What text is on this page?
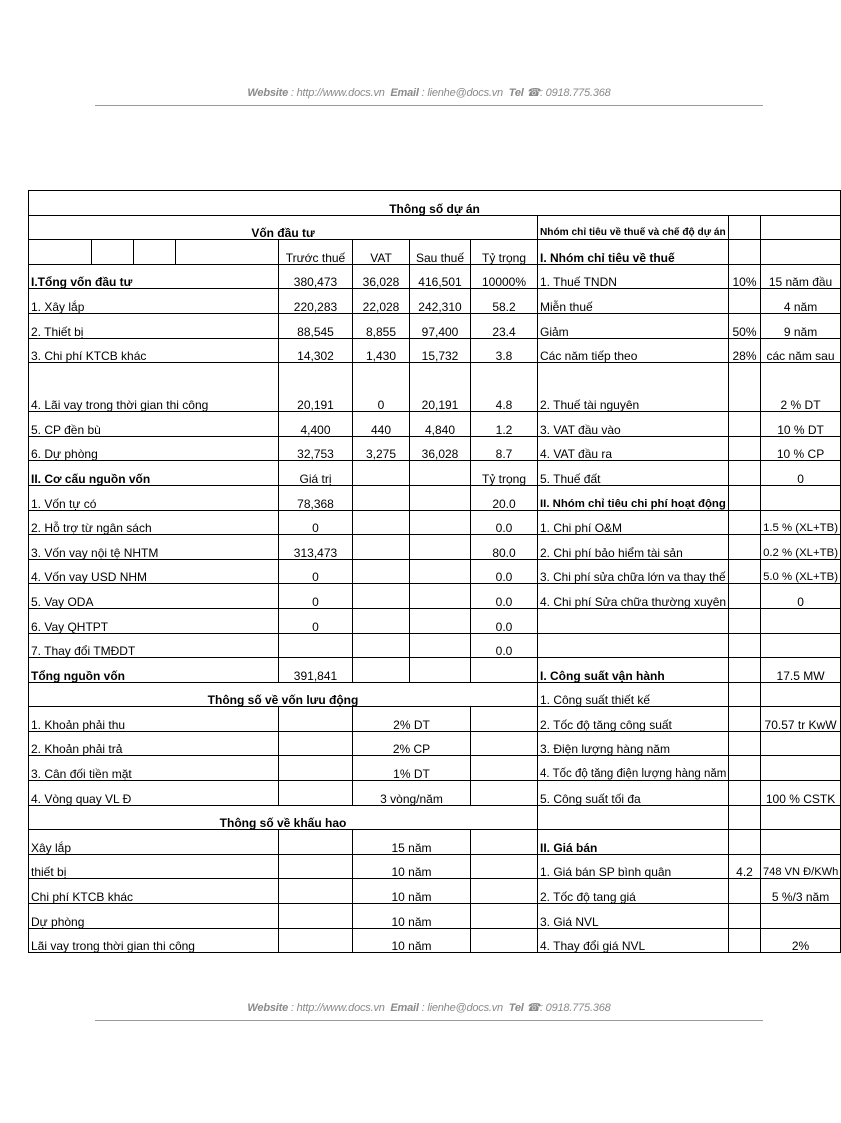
Website : http://www.docs.vn Email : lienhe@docs.vn Tel ☎: 0918.775.368
Thông số dự án										
Vốn đầu tư								Nhóm chỉ tiêu về thuế và chế độ dự án		
				Trước thuế	VAT	Sau thuế	Tỷ trọng	I. Nhóm chỉ tiêu về thuế		
I.Tổng vốn đầu tư				380,473	36,028	416,501	10000%	1. Thuế TNDN	10%	15 năm đầu
1. Xây lắp				220,283	22,028	242,310	58.2	Miễn thuế		4 năm
2. Thiết bị				88,545	8,855	97,400	23.4	Giảm	50%	9 năm
3. Chi phí KTCB khác				14,302	1,430	15,732	3.8	Các năm tiếp theo	28%	các năm sau
4. Lãi vay trong thời gian thi công				20,191	0	20,191	4.8	2. Thuế tài nguyên		2 % DT
5. CP đền bù				4,400	440	4,840	1.2	3. VAT đầu vào		10 % DT
6. Dự phòng				32,753	3,275	36,028	8.7	4. VAT đầu ra		10 % CP
II. Cơ cấu nguồn vốn				Giá trị			Tỷ trọng	5. Thuế đất		0
1. Vốn tự có				78,368			20.0	II. Nhóm chỉ tiêu chi phí hoạt động		
2. Hỗ trợ từ ngân sách				0			0.0	1. Chi phí O&M		1.5 % (XL+TB)
3. Vốn vay nội tệ NHTM				313,473			80.0	2. Chi phí bảo hiểm tài sản		0.2 % (XL+TB)
4. Vốn vay USD NHM				0			0.0	3. Chi phí sửa chữa lớn va thay thế		5.0 % (XL+TB)
5. Vay ODA				0			0.0	4. Chi phí Sửa chữa thường xuyên		0
6. Vay QHTPT				0			0.0			
7. Thay đổi TMĐDT							0.0			
Tổng nguồn vốn				391,841				I. Công suất vận hành		17.5 MW
Thông số về vốn lưu động								1. Công suất thiết kế		
1. Khoản phải thu					2% DT			2. Tốc độ tăng công suất		70.57 tr KwW
2. Khoản phải trả					2% CP			3. Điện lượng hàng năm		
3. Cân đối tiền mặt					1% DT			4. Tốc độ tăng điện lượng hàng năm		
4. Vòng quay VL Đ					3 vòng/năm			5. Công suất tối đa		100 % CSTK
Thông số về khấu hao										
Xây lắp					15 năm			II. Giá bán		
thiết bị					10 năm			1. Giá bán SP bình quân	4.2	748 VN Đ/KWh
Chi phí KTCB khác					10 năm			2. Tốc độ tang giá		5 %/3 năm
Dự phòng					10 năm			3. Giá NVL		
Lãi vay trong thời gian thi công					10 năm			4. Thay đổi giá NVL		2%
Website : http://www.docs.vn Email : lienhe@docs.vn Tel ☎: 0918.775.368
